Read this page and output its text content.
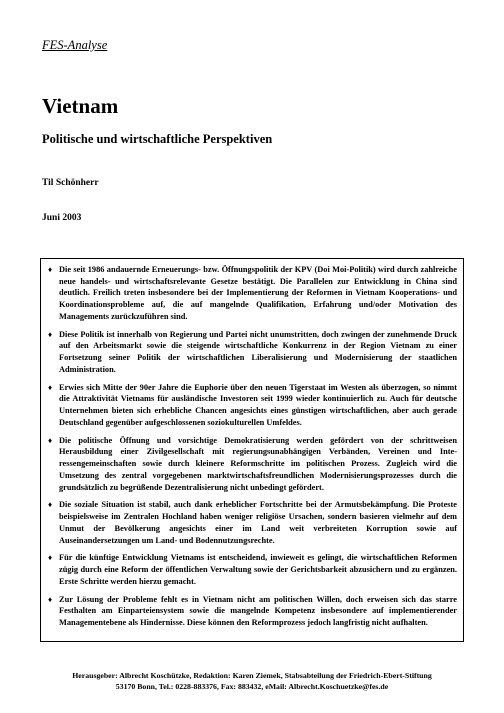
FES-Analyse
Vietnam
Politische und wirtschaftliche Perspektiven
Til Schönherr
Juni 2003
♦ Die seit 1986 andauernde Erneuerungs- bzw. Öffnungspolitik der KPV (Doi Moi-Politik) wird durch zahlreiche neue handels- und wirtschaftsrelevante Gesetze bestätigt. Die Parallelen zur Entwicklung in China sind deutlich. Freilich treten insbesondere bei der Implementierung der Reformen in Vietnam Kooperations- und Koordinationsprobleme auf, die auf mangelnde Qualifikation, Erfahrung und/oder Motivation des Managements zurückzuführen sind.
♦ Diese Politik ist innerhalb von Regierung und Partei nicht unumstritten, doch zwingen der zunehmende Druck auf den Arbeitsmarkt sowie die steigende wirtschaftliche Konkurrenz in der Region Vietnam zu einer Fortsetzung seiner Politik der wirtschaftlichen Liberalisierung und Modernisierung der staatlichen Administration.
♦ Erwies sich Mitte der 90er Jahre die Euphorie über den neuen Tigerstaat im Westen als überzogen, so nimmt die Attraktivität Vietnams für ausländische Investoren seit 1999 wieder kontinuierlich zu. Auch für deutsche Unternehmen bieten sich erhebliche Chancen angesichts eines günstigen wirtschaftlichen, aber auch gerade Deutschland gegenüber aufgeschlossenen soziokulturellen Umfeldes.
♦ Die politische Öffnung und vorsichtige Demokratisierung werden gefördert von der schrittweisen Herausbildung einer Zivilgesellschaft mit regierungsunabhängigen Verbänden, Vereinen und Interessengemeinschaften sowie durch kleinere Reformschritte im politischen Prozess. Zugleich wird die Umsetzung des zentral vorgegebenen marktwirtschaftsfreundlichen Modernisierungsprozesses durch die grundsätzlich zu begrüßende Dezentralisierung nicht unbedingt gefördert.
♦ Die soziale Situation ist stabil, auch dank erheblicher Fortschritte bei der Armutsbekämpfung. Die Proteste beispielsweise im Zentralen Hochland haben weniger religiöse Ursachen, sondern basieren vielmehr auf dem Unmut der Bevölkerung angesichts einer im Land weit verbreiteten Korruption sowie auf Auseinandersetzungen um Land- und Bodennutzungsrechte.
♦ Für die künftige Entwicklung Vietnams ist entscheidend, inwieweit es gelingt, die wirtschaftlichen Reformen zügig durch eine Reform der öffentlichen Verwaltung sowie der Gerichtsbarkeit abzusichern und zu ergänzen. Erste Schritte werden hierzu gemacht.
♦ Zur Lösung der Probleme fehlt es in Vietnam nicht am politischen Willen, doch erweisen sich das starre Festhalten am Einparteiensystem sowie die mangelnde Kompetenz insbesondere auf implementierender Managementebene als Hindernisse. Diese können den Reformprozess jedoch langfristig nicht aufhalten.
Herausgeber: Albrecht Koschützke, Redaktion: Karen Ziemek, Stabsabteilung der Friedrich-Ebert-Stiftung
53170 Bonn, Tel.: 0228-883376, Fax: 883432, eMail: Albrecht.Koschuetzke@fes.de
